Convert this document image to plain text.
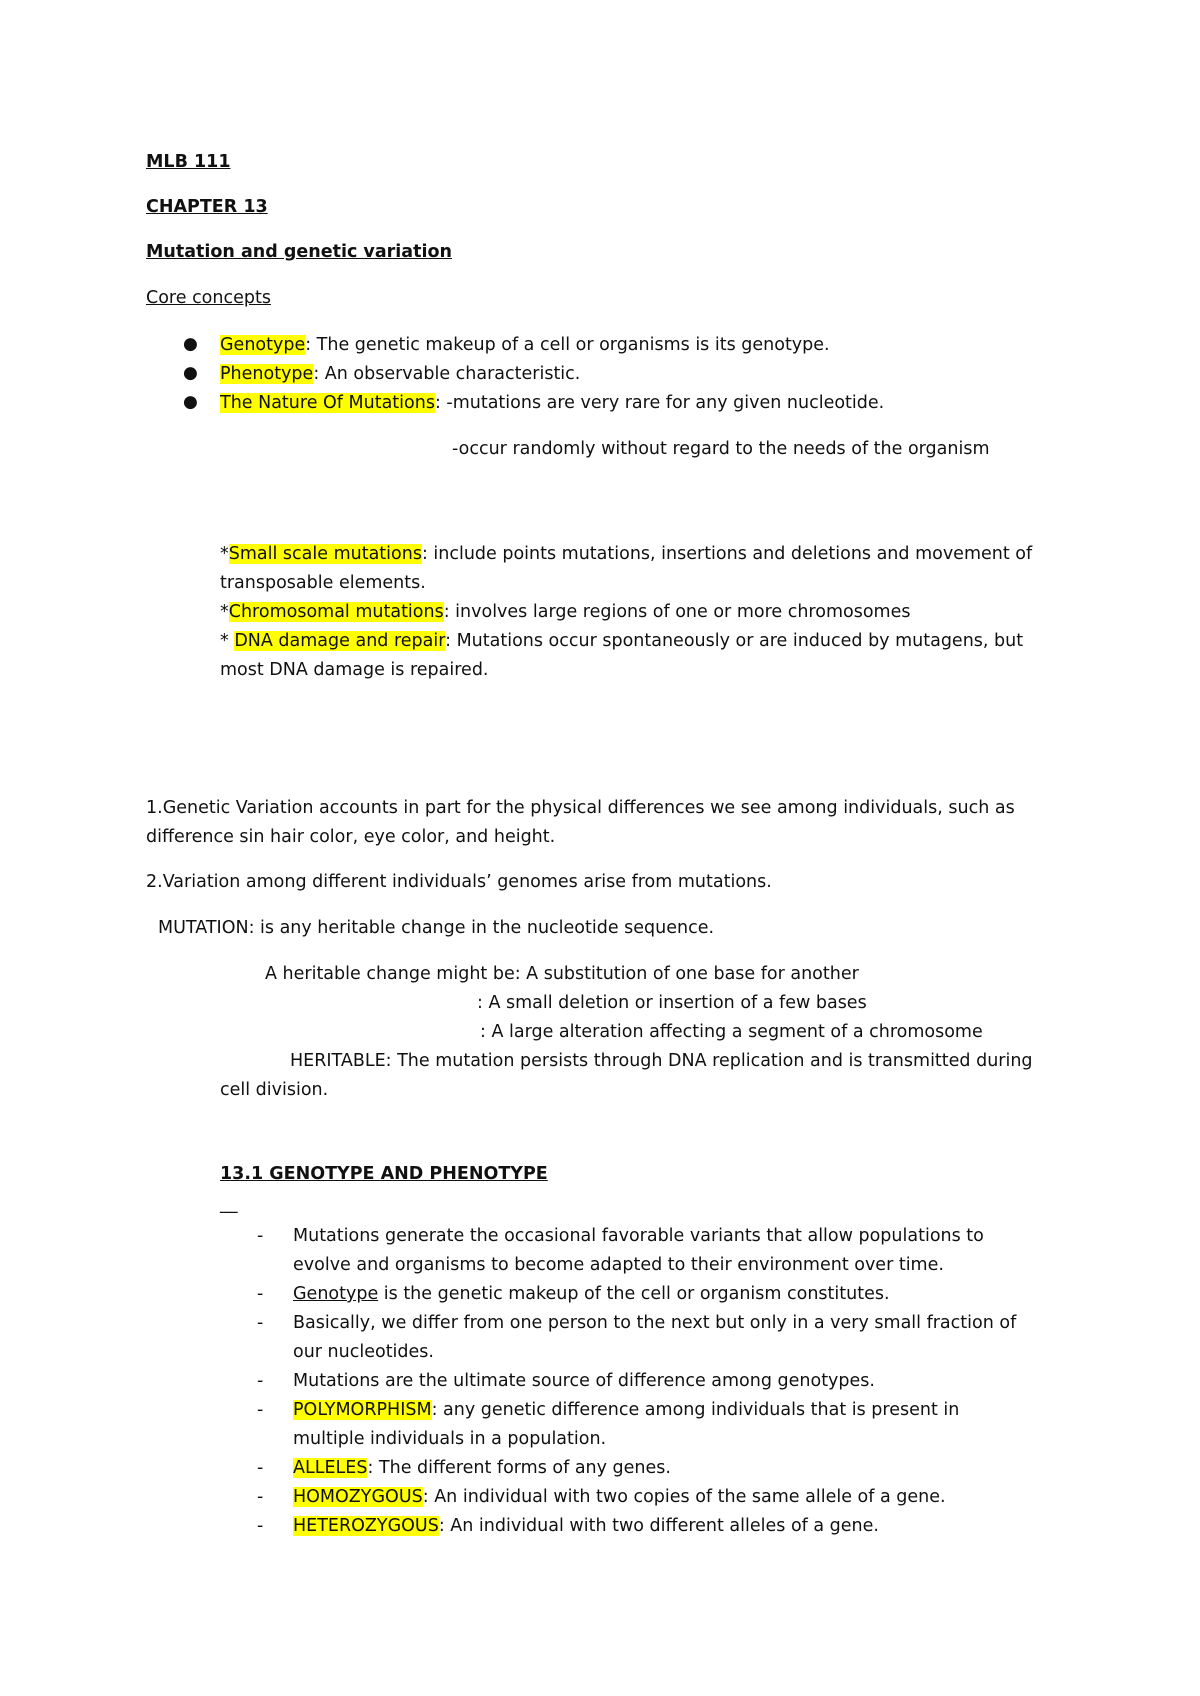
MLB 111
CHAPTER 13
Mutation and genetic variation
Core concepts
● Genotype: The genetic makeup of a cell or organisms is its genotype.
● Phenotype: An observable characteristic.
● The Nature Of Mutations: -mutations are very rare for any given nucleotide.
-occur randomly without regard to the needs of the organism
*Small scale mutations: include points mutations, insertions and deletions and movement of
transposable elements.
*Chromosomal mutations: involves large regions of one or more chromosomes
* DNA damage and repair: Mutations occur spontaneously or are induced by mutagens, but
most DNA damage is repaired.
1.Genetic Variation accounts in part for the physical differences we see among individuals, such as
difference sin hair color, eye color, and height.
2.Variation among different individuals’ genomes arise from mutations.
MUTATION: is any heritable change in the nucleotide sequence.
A heritable change might be: A substitution of one base for another
: A small deletion or insertion of a few bases
: A large alteration affecting a segment of a chromosome
HERITABLE: The mutation persists through DNA replication and is transmitted during
cell division.
13.1 GENOTYPE AND PHENOTYPE
__
- Mutations generate the occasional favorable variants that allow populations to
evolve and organisms to become adapted to their environment over time.
- Genotype is the genetic makeup of the cell or organism constitutes.
- Basically, we differ from one person to the next but only in a very small fraction of
our nucleotides.
- Mutations are the ultimate source of difference among genotypes.
- POLYMORPHISM: any genetic difference among individuals that is present in
multiple individuals in a population.
- ALLELES: The different forms of any genes.
- HOMOZYGOUS: An individual with two copies of the same allele of a gene.
- HETEROZYGOUS: An individual with two different alleles of a gene.
